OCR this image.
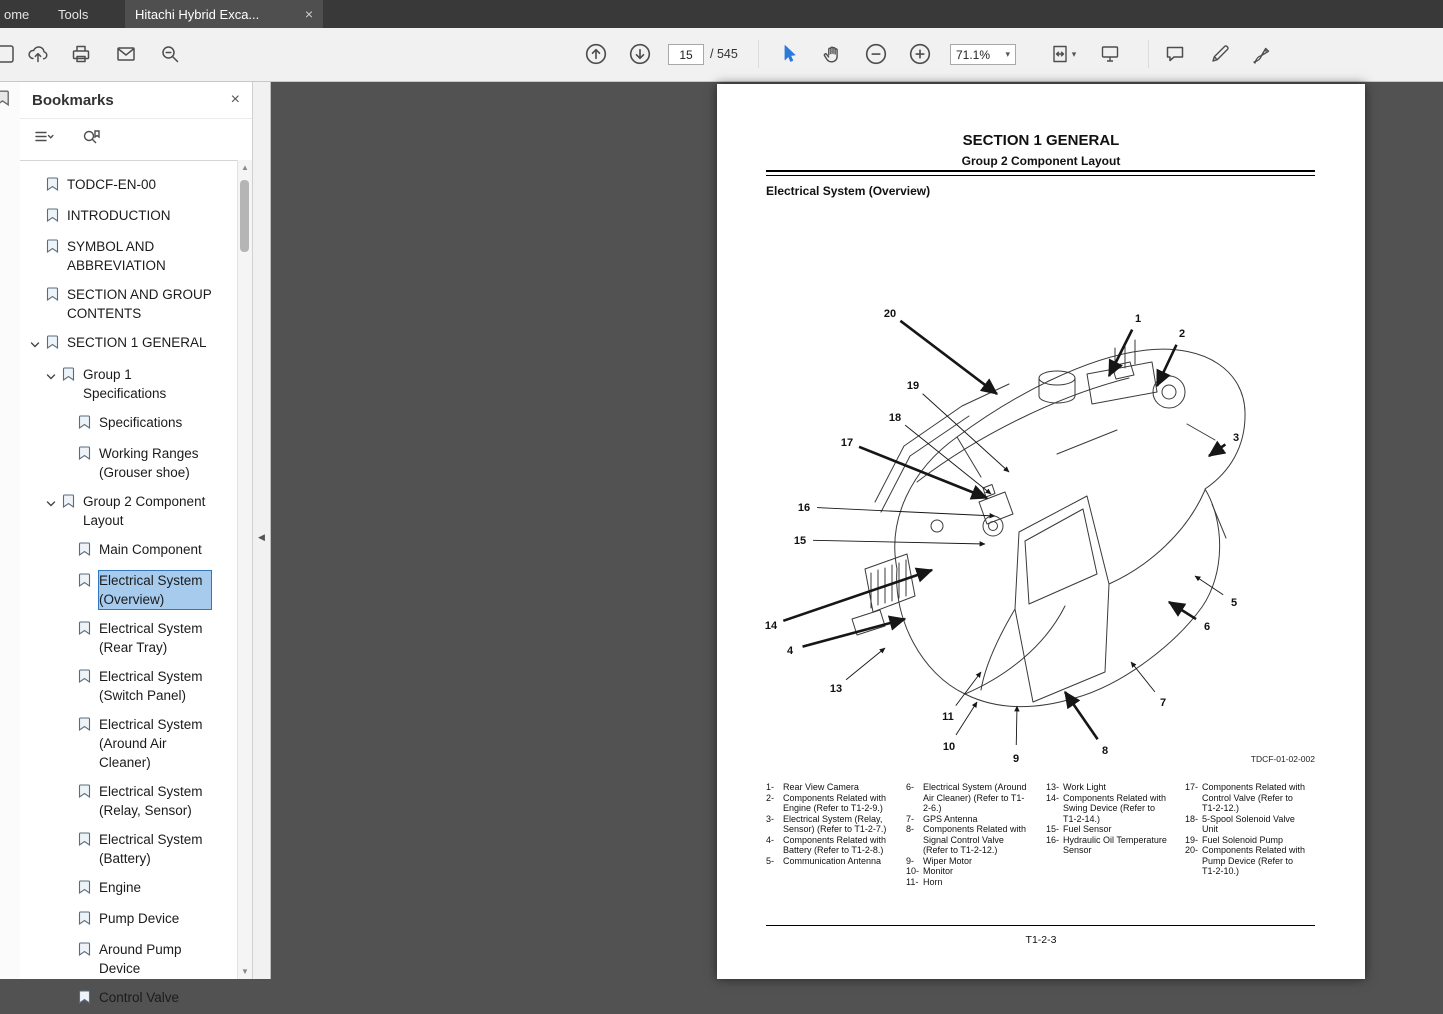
ome	Tools	Hitachi Hybrid Exca...	×
15
/ 545	71.1% ▾	▾
Bookmarks	×
TODCF-EN-00
INTRODUCTION
SYMBOL AND ABBREVIATION
SECTION AND GROUP CONTENTS
SECTION 1 GENERAL
Group 1 Specifications
Specifications
Working Ranges (Grouser shoe)
Group 2 Component Layout
Main Component
Electrical System (Overview)
Electrical System (Rear Tray)
Electrical System (Switch Panel)
Electrical System (Around Air Cleaner)
Electrical System (Relay, Sensor)
Electrical System (Battery)
Engine
Pump Device
Around Pump Device
Control Valve
▲
▼
◀
SECTION 1 GENERAL
Group 2 Component Layout
Electrical System (Overview)
1
2
3
4
5
6
7
8
9
10
11
13
14
15
16
17
18
19
20
TDCF-01-02-002
1- Rear View Camera
2- Components Related with Engine (Refer to T1-2-9.)
3- Electrical System (Relay, Sensor) (Refer to T1-2-7.)
4- Components Related with Battery (Refer to T1-2-8.)
5- Communication Antenna
6- Electrical System (Around Air Cleaner) (Refer to T1-2-6.)
7- GPS Antenna
8- Components Related with Signal Control Valve (Refer to T1-2-12.)
9- Wiper Motor
10- Monitor
11- Horn
13- Work Light
14- Components Related with Swing Device (Refer to T1-2-14.)
15- Fuel Sensor
16- Hydraulic Oil Temperature Sensor
17- Components Related with Control Valve (Refer to T1-2-12.)
18- 5-Spool Solenoid Valve Unit
19- Fuel Solenoid Pump
20- Components Related with Pump Device (Refer to T1-2-10.)
T1-2-3
